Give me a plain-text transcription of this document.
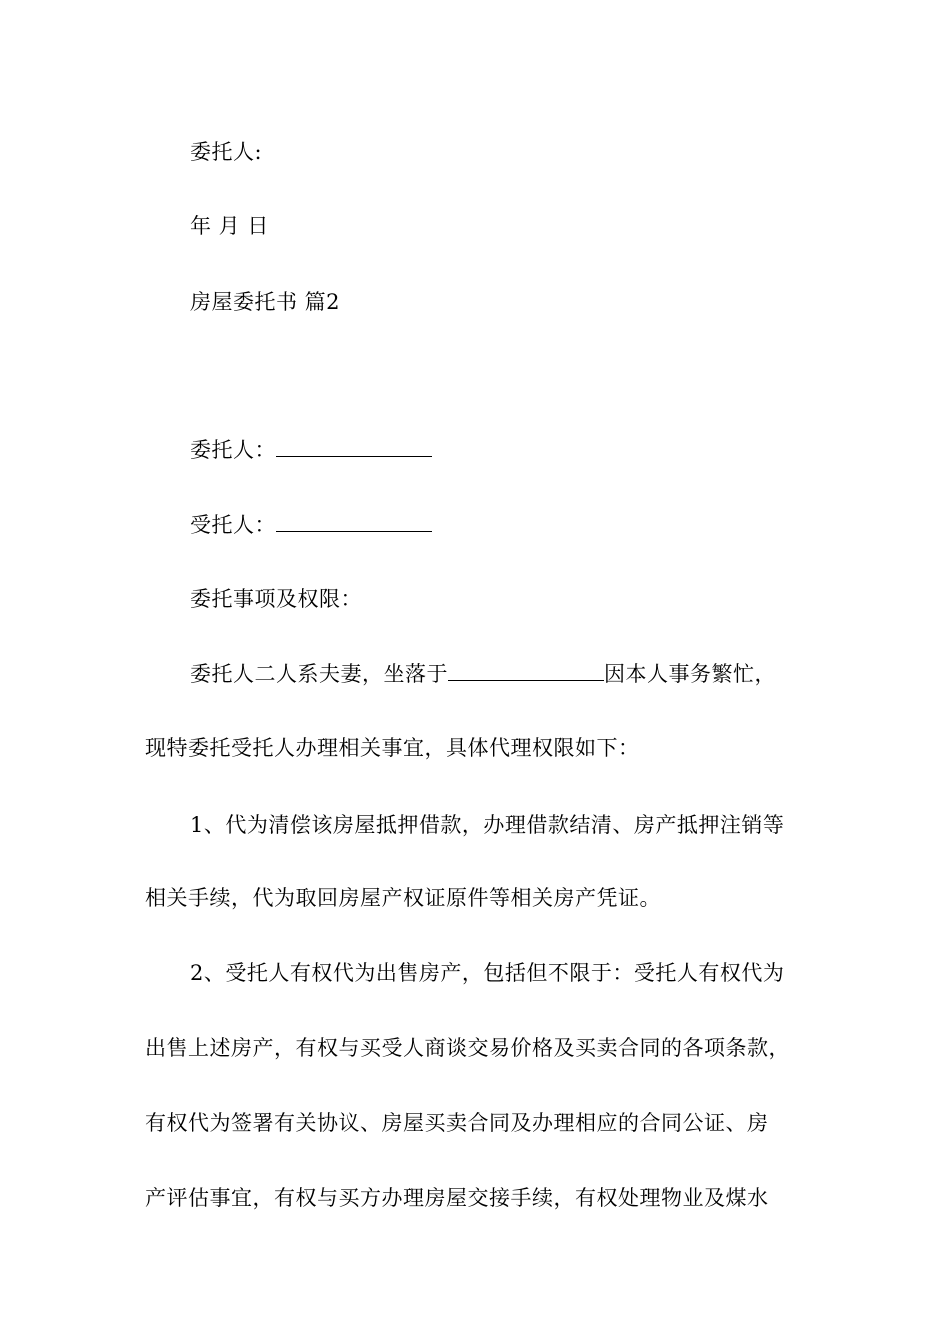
委托人:
年 月 日
房屋委托书 篇2
委托人：
受托人：
委托事项及权限：
委托人二人系夫妻，坐落于	因本人事务繁忙，
现特委托受托人办理相关事宜，具体代理权限如下：
1、代为清偿该房屋抵押借款，办理借款结清、房产抵押注销等
相关手续，代为取回房屋产权证原件等相关房产凭证。
2、受托人有权代为出售房产，包括但不限于：受托人有权代为
出售上述房产，有权与买受人商谈交易价格及买卖合同的各项条款，
有权代为签署有关协议、房屋买卖合同及办理相应的合同公证、房
产评估事宜，有权与买方办理房屋交接手续，有权处理物业及煤水
